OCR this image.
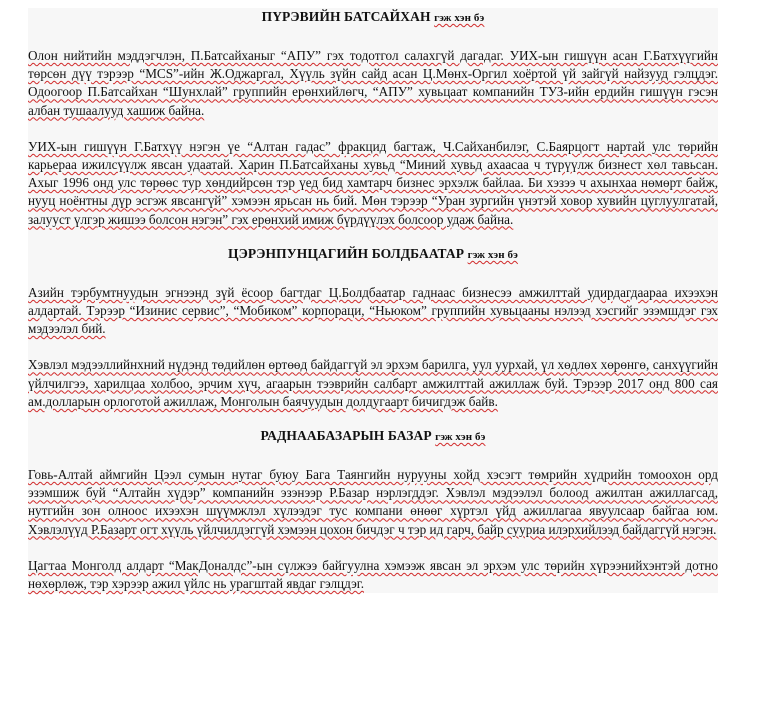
ПҮРЭВИЙН БАТСАЙХАН гэж хэн бэ

Олон нийтийн мэддэгчлэн, П.Батсайханыг “АПУ” гэх тодотгол салахгүй дагадаг. УИХ-ын гишүүн асан Г.Батхүүгийн төрсөн дүү тэрээр “MCS”-ийн Ж.Оджаргал, Хүүль зүйн сайд асан Ц.Мөнх-Оргил хоёртой үй зайгүй найзууд гэлцдэг. Одоогоор П.Батсайхан “Шунхлай” группийн ерөнхийлөгч, “АПУ” хувьцаат компанийн ТУЗ-ийн ердийн гишүүн гэсэн албан тушаалууд хашиж байна.

УИХ-ын гишүүн Г.Батхүү нэгэн үе “Алтан гадас” фракцид багтаж, Ч.Сайханбилэг, С.Баярцогт нартай улс төрийн карьераа ижилсүүлж явсан удаатай. Харин П.Батсайханы хувьд “Миний хувьд ахаасаа ч түрүүлж бизнест хөл тавьсан. Ахыг 1996 онд улс төрөөс тур хөндийрсөн тэр үед бид хамтарч бизнес эрхэлж байлаа. Би хэзээ ч ахынхаа нөмөрт байж, нууц ноёнтны дүр эсгэж явсангүй” хэмээн ярьсан нь бий. Мөн тэрээр “Уран зургийн үнэтэй ховор хувийн цуглуулгатай, залууст үлгэр жишээ болсон нэгэн” гэх ерөнхий имиж бүрдүүлэх болсоор удаж байна.

ЦЭРЭНПУНЦАГИЙН БОЛДБААТАР гэж хэн бэ

Азийн тэрбумтнуудын эгнээнд зүй ёсоор багтдаг Ц.Болдбаатар гаднаас бизнесээ амжилттай удирдагдаараа ихээхэн алдартай. Тэрээр “Изинис сервис”, “Мобиком” корпораци, “Ньюком” группийн хувьцааны нэлээд хэсгийг эзэмшдэг гэх мэдээлэл бий.

Хэвлэл мэдээллийнхний нүдэнд төдийлөн өртөөд байдаггүй эл эрхэм барилга, уул уурхай, үл хөдлөх хөрөнгө, санхүүгийн үйлчилгээ, харилцаа холбоо, эрчим хүч, агаарын тээврийн салбарт амжилттай ажиллаж буй. Тэрээр 2017 онд 800 сая ам.долларын орлоготой ажиллаж, Монголын баячуудын долдугаарт бичигдэж байв.

РАДНААБАЗАРЫН БАЗАР гэж хэн бэ

Говь-Алтай аймгийн Цээл сумын нутаг буюу Бага Таянгийн нурууны хойд хэсэгт төмрийн хүдрийн томоохон орд эзэмшиж буй “Алтайн хүдэр” компанийн эзэнээр Р.Базар нэрлэгддэг. Хэвлэл мэдээлэл болоод ажилтан ажиллагсад, нутгийн зон олноос ихээхэн шүүмжлэл хүлээдэг тус компани өнөөг хүртэл үйд ажиллагаа явуулсаар байгаа юм. Хэвлэлүүд Р.Базарт огт хүүль үйлчилдэггүй хэмээн цохон бичдэг ч тэр ид гарч, байр сууриа илэрхийлээд байдаггүй нэгэн.

Цагтаа Монголд алдарт “МакДоналдс”-ын сүлжээ байгуулна хэмээж явсан эл эрхэм улс төрийн хүрээнийхэнтэй дотно нөхөрлөж, тэр хэрээр ажил үйлс нь урагштай явдаг гэлцдэг.
